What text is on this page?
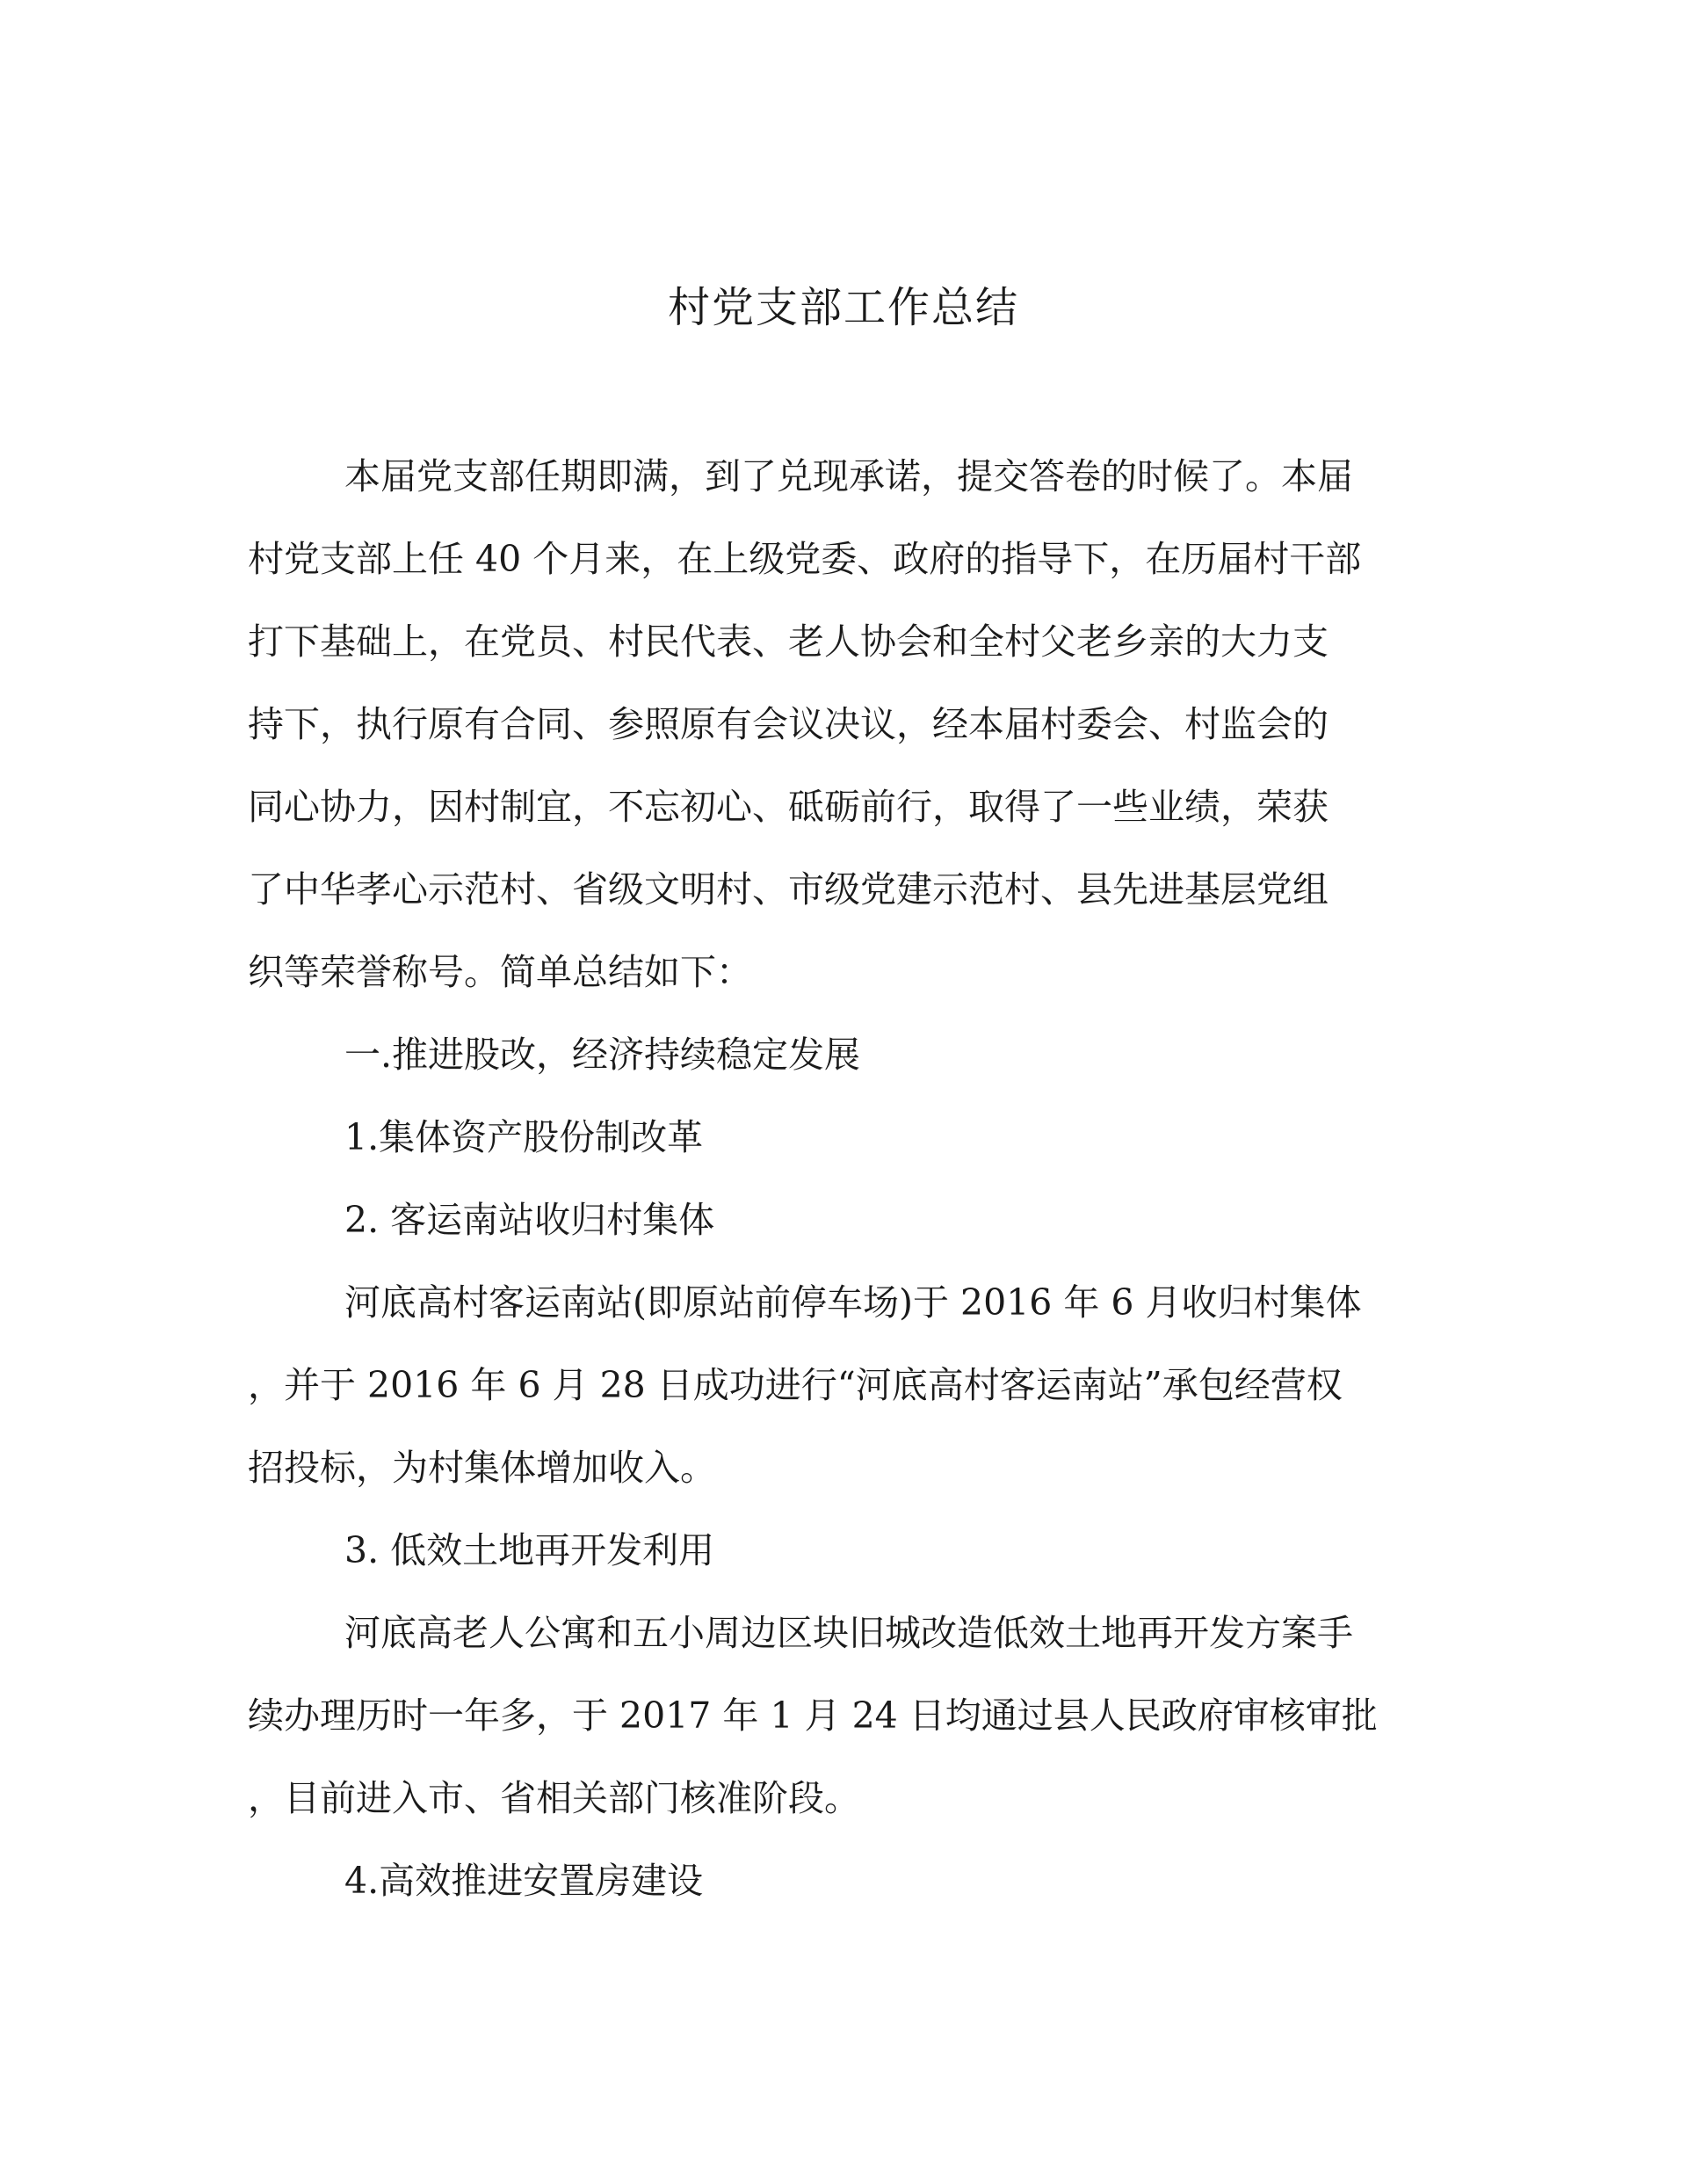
村党支部工作总结
本届党支部任期即满，到了兑现承诺，提交答卷的时候了。本届
村党支部上任 40 个月来，在上级党委、政府的指导下，在历届村干部
打下基础上，在党员、村民代表、老人协会和全村父老乡亲的大力支
持下，执行原有合同、参照原有会议决议，经本届村委会、村监会的
同心协力，因村制宜，不忘初心、砥砺前行，取得了一些业绩，荣获
了中华孝心示范村、省级文明村、市级党建示范村、县先进基层党组
织等荣誉称号。简单总结如下：
一.推进股改，经济持续稳定发展
1.集体资产股份制改革
2. 客运南站收归村集体
河底高村客运南站(即原站前停车场)于 2016 年 6 月收归村集体
，并于 2016 年 6 月 28 日成功进行“河底高村客运南站”承包经营权
招投标，为村集体增加收入。
3. 低效土地再开发利用
河底高老人公寓和五小周边区块旧城改造低效土地再开发方案手
续办理历时一年多，于 2017 年 1 月 24 日均通过县人民政府审核审批
，目前进入市、省相关部门核准阶段。
4.高效推进安置房建设
